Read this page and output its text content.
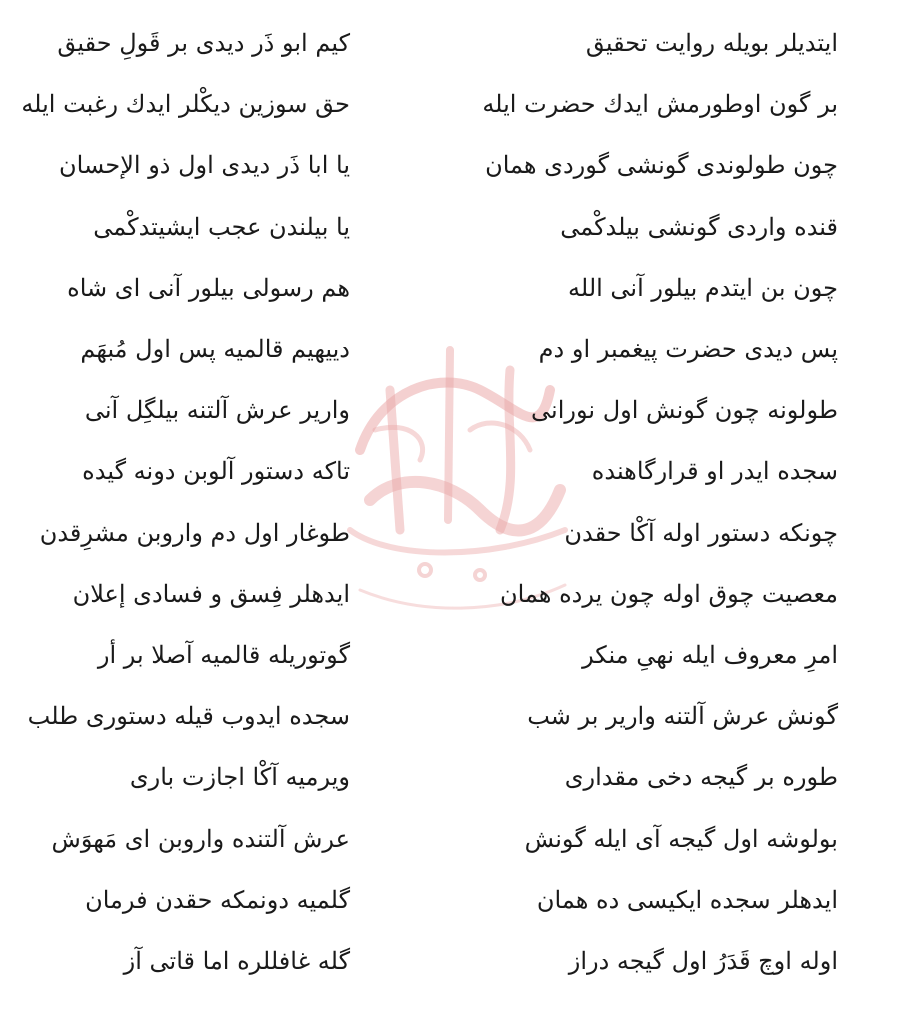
ایتدیلر بویله روایت تحقیق
کیم ابو ذَر دیدی بر قَولِ حقیق
بر گون اوطورمش ایدك حضرت ایله
حق سوزین دیكْلر ایدك رغبت ایله
چون طولوندی گونشی گوردی همان
یا ابا ذَر دیدی اول ذو الإحسان
قنده واردی گونشی بیلدکْمی
یا بیلندن عجب ایشیتدکْمی
چون بن ایتدم بیلور آنی الله
هم رسولی بیلور آنی ای شاه
پس دیدی حضرت پیغمبر او دم
دییهیم قالمیه پس اول مُبهَم
طولونه چون گونش اول نورانی
واریر عرش آلتنه بیلگِل آنی
سجده ایدر او قرارگاهنده
تاکه دستور آلوبن دونه گیده
چونکه دستور اوله آکْا حقدن
طوغار اول دم واروبن مشرِقدن
معصیت چوق اوله چون یرده همان
ایدهلر فِسق و فسادی إعلان
امرِ معروف ایله نهیِ منکر
گوتوریله قالمیه آصلا بر أر
گونش عرش آلتنه واریر بر شب
سجده ایدوب قیله دستوری طلب
طوره بر گیجه دخی مقداری
ویرمیه آکْا اجازت باری
بولوشه اول گیجه آی ایله گونش
عرش آلتنده واروبن ای مَهوَش
ایدهلر سجده ایکیسی ده همان
گلمیه دونمکه حقدن فرمان
اوله اوچ قَدَرُ اول گیجه دراز
گله غافللره اما قاتی آز
